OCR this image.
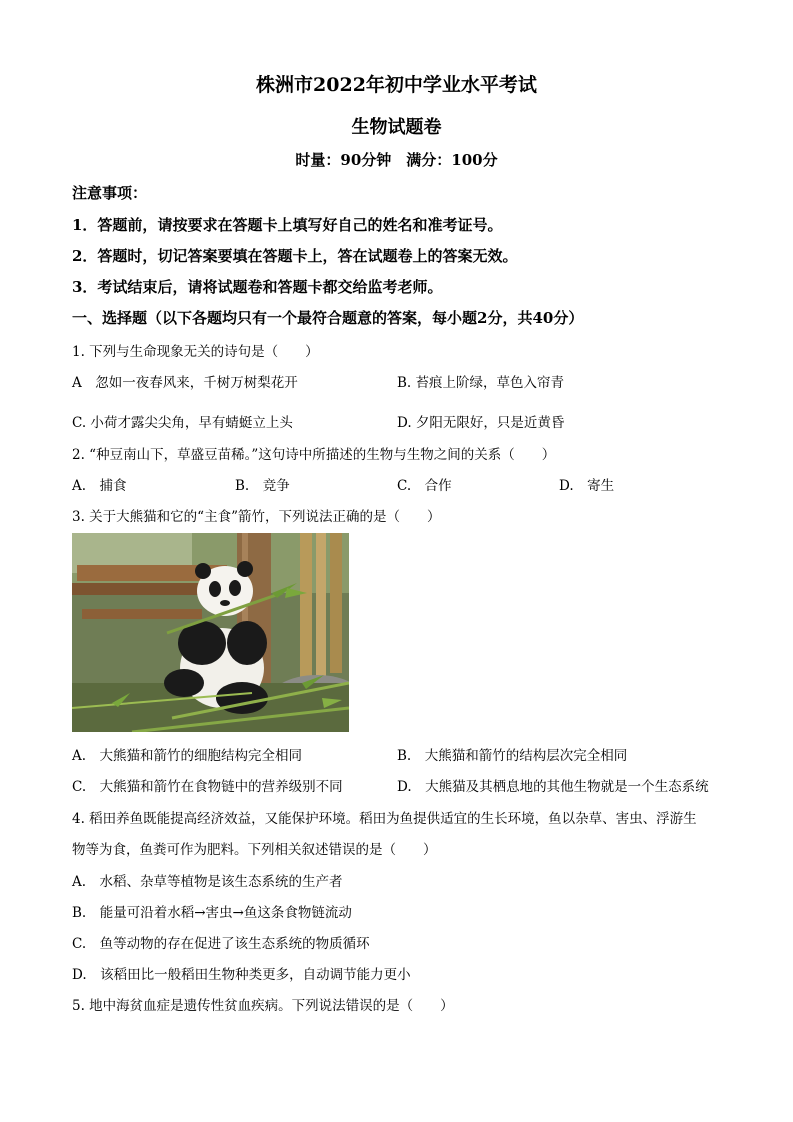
株洲市2022年初中学业水平考试
生物试题卷
时量：90分钟　满分：100分
注意事项：
1．答题前，请按要求在答题卡上填写好自己的姓名和准考证号。
2．答题时，切记答案要填在答题卡上，答在试题卷上的答案无效。
3．考试结束后，请将试题卷和答题卡都交给监考老师。
一、选择题（以下各题均只有一个最符合题意的答案，每小题2分，共40分）
1. 下列与生命现象无关的诗句是（　　）
A　忽如一夜春风来，千树万树梨花开	B. 苔痕上阶绿，草色入帘青
C. 小荷才露尖尖角，早有蜻蜓立上头	D. 夕阳无限好，只是近黄昏
2. “种豆南山下，草盛豆苗稀。”这句诗中所描述的生物与生物之间的关系（　　）
A.　捕食	B.　竞争	C.　合作	D.　寄生
3. 关于大熊猫和它的“主食”箭竹，下列说法正确的是（　　）
A.　大熊猫和箭竹的细胞结构完全相同	B.　大熊猫和箭竹的结构层次完全相同
C.　大熊猫和箭竹在食物链中的营养级别不同	D.　大熊猫及其栖息地的其他生物就是一个生态系统
4. 稻田养鱼既能提高经济效益，又能保护环境。稻田为鱼提供适宜的生长环境，鱼以杂草、害虫、浮游生
物等为食，鱼粪可作为肥料。下列相关叙述错误的是（　　）
A.　水稻、杂草等植物是该生态系统的生产者
B.　能量可沿着水稻→害虫→鱼这条食物链流动
C.　鱼等动物的存在促进了该生态系统的物质循环
D.　该稻田比一般稻田生物种类更多，自动调节能力更小
5. 地中海贫血症是遗传性贫血疾病。下列说法错误的是（　　）
